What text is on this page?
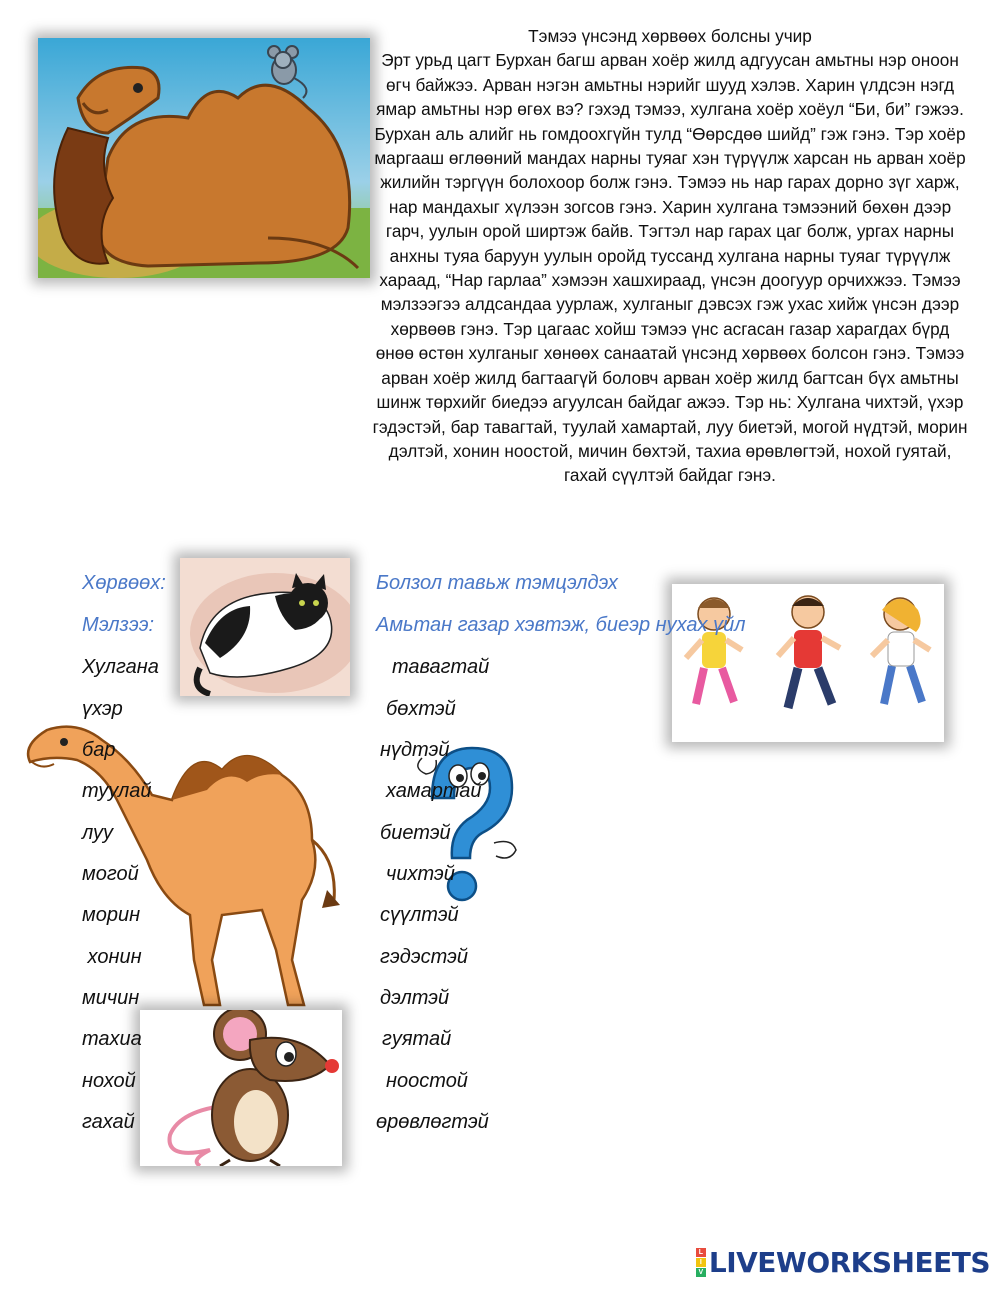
Тэмээ үнсэнд хөрвөөх болсны учир

Эрт урьд цагт Бурхан багш арван хоёр жилд адгуусан амьтны нэр оноон өгч байжээ. Арван нэгэн амьтны нэрийг шууд хэлэв. Харин үлдсэн нэгд ямар амьтны нэр өгөх вэ? гэхэд тэмээ, хулгана хоёр хоёул “Би, би” гэжээ. Бурхан аль алийг нь гомдоохгүйн тулд “Өөрсдөө шийд” гэж гэнэ. Тэр хоёр маргааш өглөөний мандах нарны туяаг хэн түрүүлж харсан нь арван хоёр жилийн тэргүүн болохоор болж гэнэ. Тэмээ нь нар гарах дорно зүг харж, нар мандахыг хүлээн зогсов гэнэ. Харин хулгана тэмээний бөхөн дээр гарч, уулын орой ширтэж байв. Тэгтэл нар гарах цаг болж, ургах нарны анхны туяа баруун уулын оройд туссанд хулгана нарны туяаг түрүүлж хараад, “Нар гарлаа” хэмээн хашхираад, үнсэн доогуур орчихжээ. Тэмээ мэлзээгээ алдсандаа уурлаж, хулганыг дэвсэх гэж ухас хийж үнсэн дээр хөрвөөв гэнэ. Тэр цагаас хойш тэмээ үнс асгасан газар харагдах бүрд өнөө өстөн хулганыг хөнөөх санаатай үнсэнд хөрвөөх болсон гэнэ. Тэмээ арван хоёр жилд багтаагүй боловч арван хоёр жилд багтсан бүх амьтны шинж төрхийг биедээ агуулсан байдаг ажээ. Тэр нь: Хулгана чихтэй, үхэр гэдэстэй, бар тавагтай, туулай хамартай, луу биетэй, могой нүдтэй, морин дэлтэй, хонин ноостой, мичин бөхтэй, тахиа өрөвлөгтэй, нохой гуятай, гахай сүүлтэй байдаг гэнэ.

Хөрвөөх:	Болзол тавьж тэмцэлдэх
Мэлзээ:	Амьтан газар хэвтэж, биеэр нухах үйл
Хулгана
үхэр
бар
туулай
луу
могой
морин
хонин
мичин
тахиа
нохой
гахай
тавагтай
бөхтэй
нүдтэй
хамартай
биетэй
чихтэй
сүүлтэй
гэдэстэй
дэлтэй
гуятай
ноостой
өрөвлөгтэй
L
I
V LIVEWORKSHEETS
